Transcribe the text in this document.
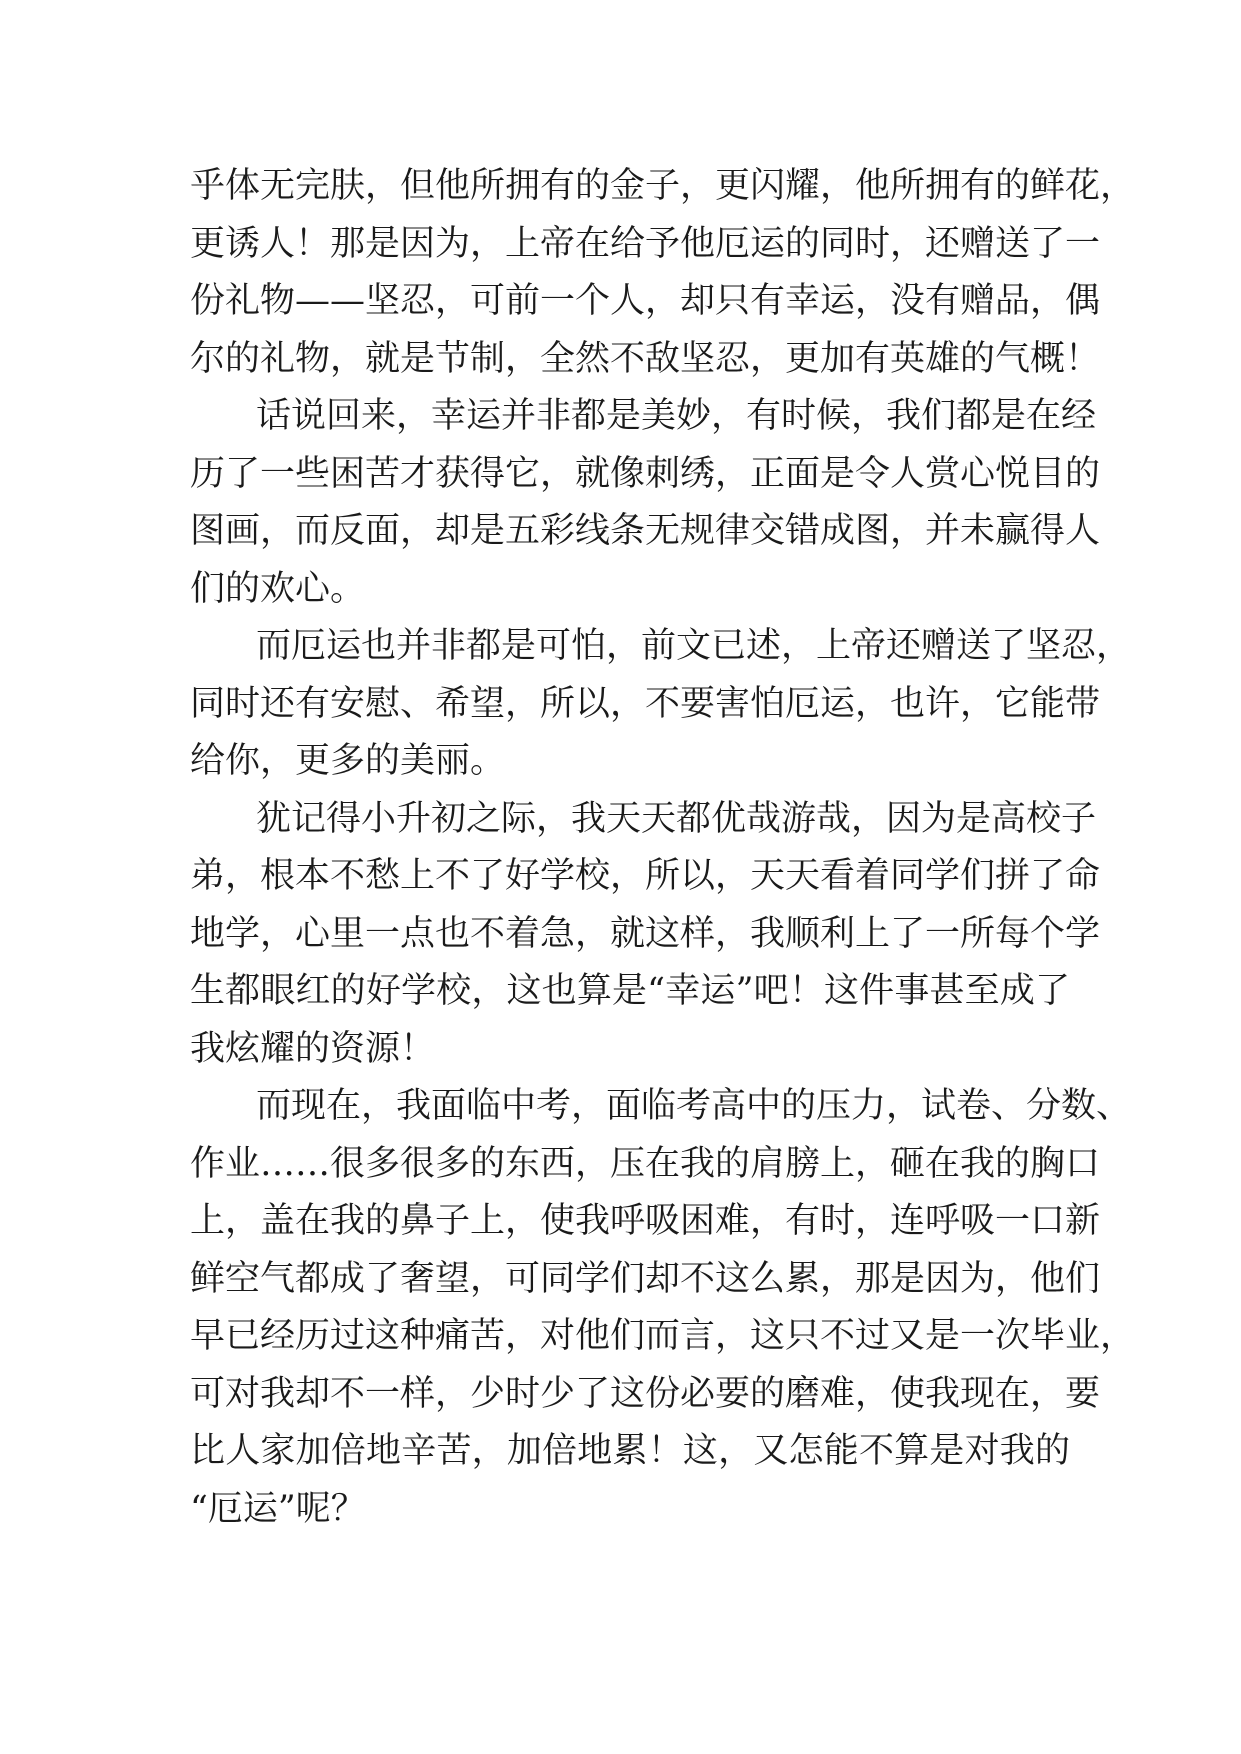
乎体无完肤，但他所拥有的金子，更闪耀，他所拥有的鲜花，
更诱人！那是因为，上帝在给予他厄运的同时，还赠送了一
份礼物——坚忍，可前一个人，却只有幸运，没有赠品，偶
尔的礼物，就是节制，全然不敌坚忍，更加有英雄的气概！
话说回来，幸运并非都是美妙，有时候，我们都是在经
历了一些困苦才获得它，就像刺绣，正面是令人赏心悦目的
图画，而反面，却是五彩线条无规律交错成图，并未赢得人
们的欢心。
而厄运也并非都是可怕，前文已述，上帝还赠送了坚忍，
同时还有安慰、希望，所以，不要害怕厄运，也许，它能带
给你，更多的美丽。
犹记得小升初之际，我天天都优哉游哉，因为是高校子
弟，根本不愁上不了好学校，所以，天天看着同学们拼了命
地学，心里一点也不着急，就这样，我顺利上了一所每个学
生都眼红的好学校，这也算是“幸运”吧！这件事甚至成了
我炫耀的资源！
而现在，我面临中考，面临考高中的压力，试卷、分数、
作业……很多很多的东西，压在我的肩膀上，砸在我的胸口
上，盖在我的鼻子上，使我呼吸困难，有时，连呼吸一口新
鲜空气都成了奢望，可同学们却不这么累，那是因为，他们
早已经历过这种痛苦，对他们而言，这只不过又是一次毕业，
可对我却不一样，少时少了这份必要的磨难，使我现在，要
比人家加倍地辛苦，加倍地累！这，又怎能不算是对我的
“厄运”呢？
